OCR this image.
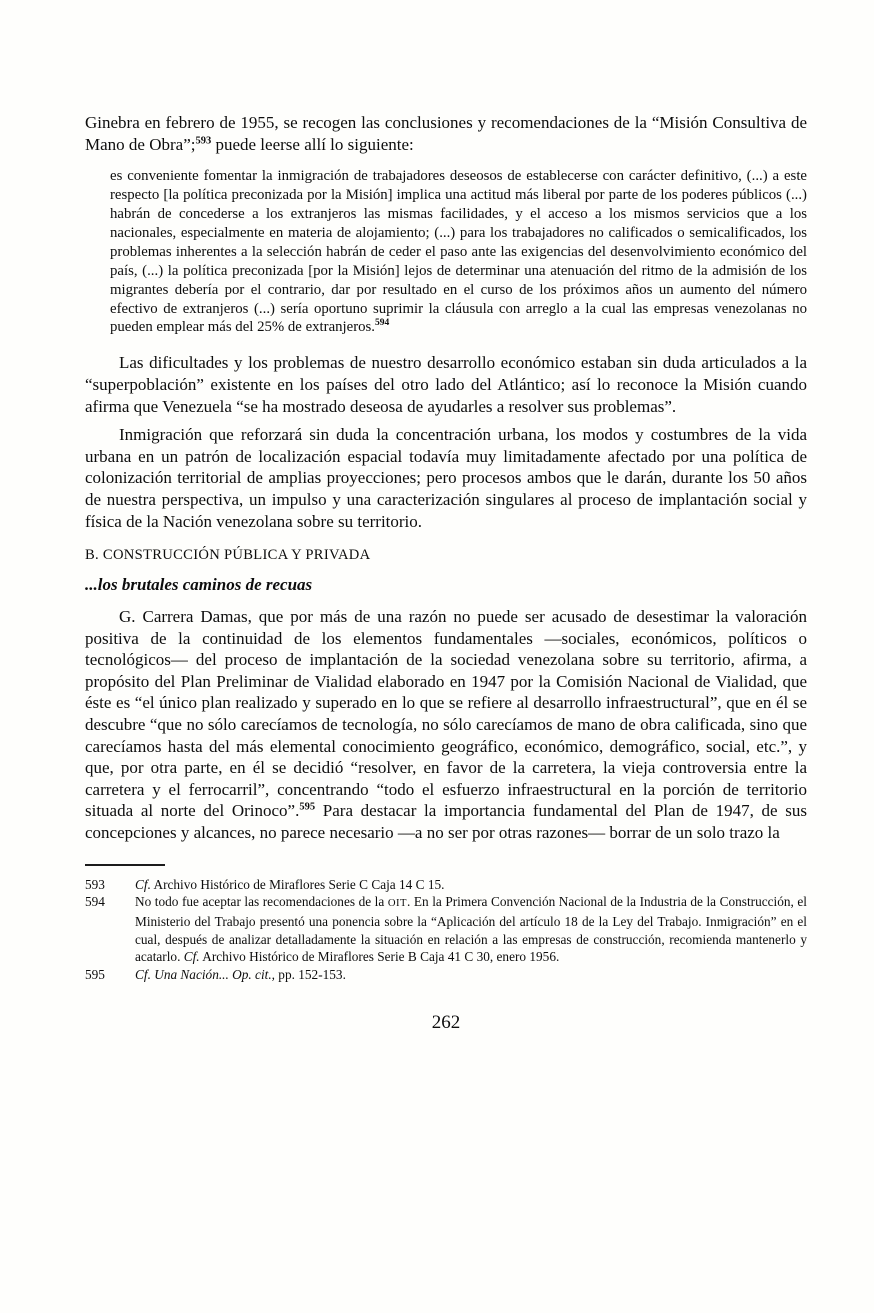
Ginebra en febrero de 1955, se recogen las conclusiones y recomendaciones de la “Misión Consultiva de Mano de Obra”;$^{593}$ puede leerse allí lo siguiente:

es conveniente fomentar la inmigración de trabajadores deseosos de establecerse con carácter definitivo, (...) a este respecto [la política preconizada por la Misión] implica una actitud más liberal por parte de los poderes públicos (...) habrán de concederse a los extranjeros las mismas facilidades, y el acceso a los mismos servicios que a los nacionales, especialmente en materia de alojamiento; (...) para los trabajadores no calificados o semicalificados, los problemas inherentes a la selección habrán de ceder el paso ante las exigencias del desenvolvimiento económico del país, (...) la política preconizada [por la Misión] lejos de determinar una atenuación del ritmo de la admisión de los migrantes debería por el contrario, dar por resultado en el curso de los próximos años un aumento del número efectivo de extranjeros (...) sería oportuno suprimir la cláusula con arreglo a la cual las empresas venezolanas no pueden emplear más del 25% de extranjeros.$^{594}$

Las dificultades y los problemas de nuestro desarrollo económico estaban sin duda articulados a la “superpoblación” existente en los países del otro lado del Atlántico; así lo reconoce la Misión cuando afirma que Venezuela “se ha mostrado deseosa de ayudarles a resolver sus problemas”.

Inmigración que reforzará sin duda la concentración urbana, los modos y costumbres de la vida urbana en un patrón de localización espacial todavía muy limitadamente afectado por una política de colonización territorial de amplias proyecciones; pero procesos ambos que le darán, durante los 50 años de nuestra perspectiva, un impulso y una caracterización singulares al proceso de implantación social y física de la Nación venezolana sobre su territorio.

B. CONSTRUCCIÓN PÚBLICA Y PRIVADA
...los brutales caminos de recuas

G. Carrera Damas, que por más de una razón no puede ser acusado de desestimar la valoración positiva de la continuidad de los elementos fundamentales —sociales, económicos, políticos o tecnológicos— del proceso de implantación de la sociedad venezolana sobre su territorio, afirma, a propósito del Plan Preliminar de Vialidad elaborado en 1947 por la Comisión Nacional de Vialidad, que éste es “el único plan realizado y superado en lo que se refiere al desarrollo infraestructural”, que en él se descubre “que no sólo carecíamos de tecnología, no sólo carecíamos de mano de obra calificada, sino que carecíamos hasta del más elemental conocimiento geográfico, económico, demográfico, social, etc.”, y que, por otra parte, en él se decidió “resolver, en favor de la carretera, la vieja controversia entre la carretera y el ferrocarril”, concentrando “todo el esfuerzo infraestructural en la porción de territorio situada al norte del Orinoco”.$^{595}$ Para destacar la importancia fundamental del Plan de 1947, de sus concepciones y alcances, no parece necesario —a no ser por otras razones— borrar de un solo trazo la

593	Cf. Archivo Histórico de Miraflores Serie C Caja 14 C 15.
594	No todo fue aceptar las recomendaciones de la OIT. En la Primera Convención Nacional de la Industria de la Construcción, el Ministerio del Trabajo presentó una ponencia sobre la “Aplicación del artículo 18 de la Ley del Trabajo. Inmigración” en el cual, después de analizar detalladamente la situación en relación a las empresas de construcción, recomienda mantenerlo y acatarlo. Cf. Archivo Histórico de Miraflores Serie B Caja 41 C 30, enero 1956.
595	Cf. Una Nación... Op. cit., pp. 152-153.
262
